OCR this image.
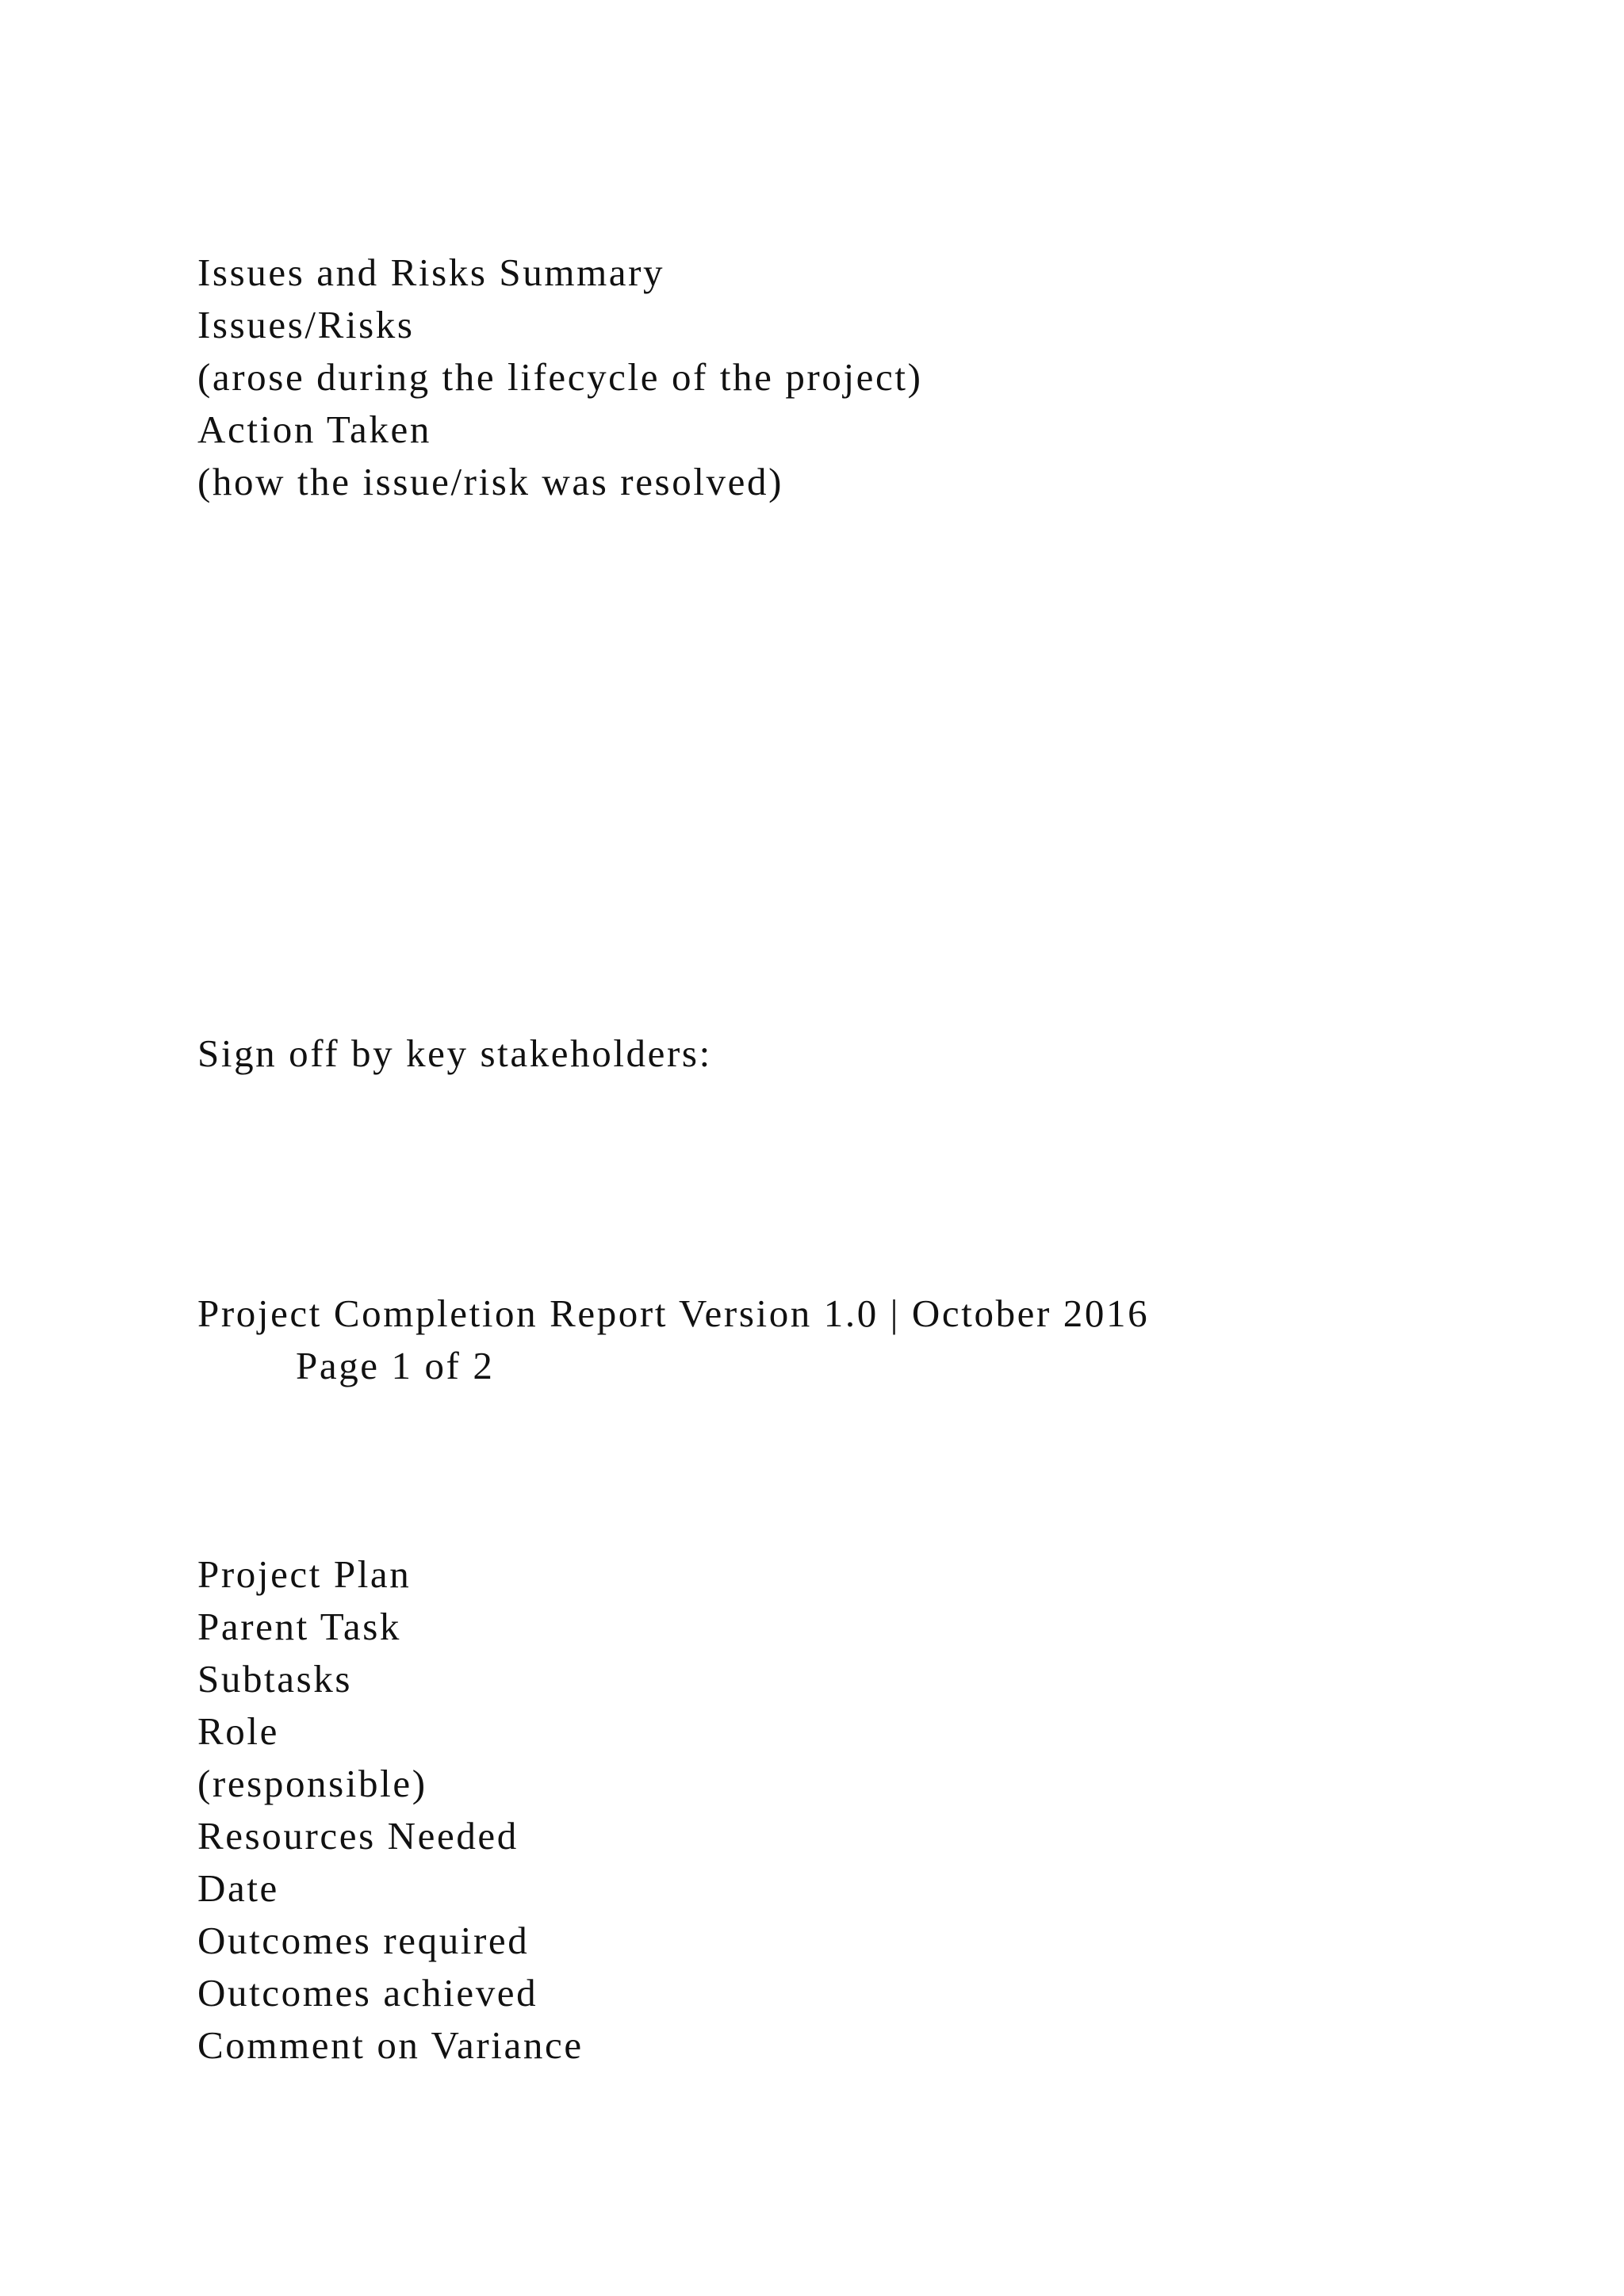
Issues and Risks Summary
Issues/Risks
(arose during the lifecycle of the project)
Action Taken
(how the issue/risk was resolved)
Sign off by key stakeholders:
Project Completion Report Version 1.0 | October 2016
Page 1 of 2
Project Plan
Parent Task
Subtasks
Role
(responsible)
Resources Needed
Date
Outcomes required
Outcomes achieved
Comment on Variance
